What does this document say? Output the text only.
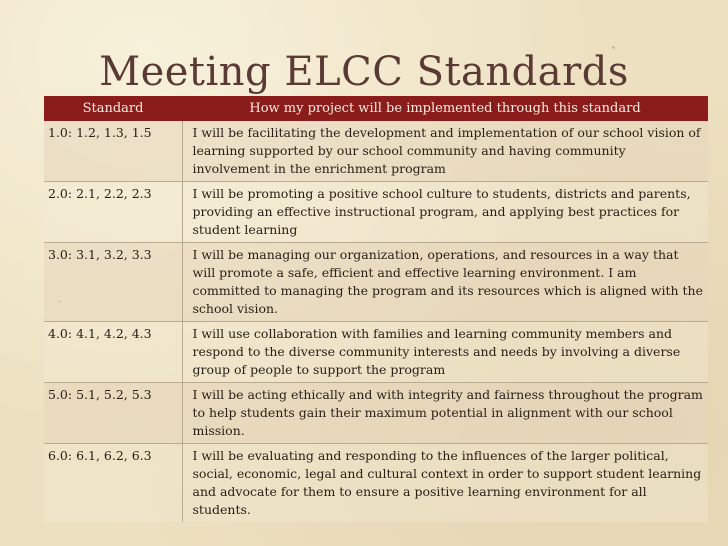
Meeting ELCC Standards
Standard	How my project will be implemented through this standard
1.0: 1.2, 1.3, 1.5	I will be facilitating the development and implementation of our school vision of learning supported by our school community and having community involvement in the enrichment program
2.0: 2.1, 2.2, 2.3	I will be promoting a positive school culture to students, districts and parents, providing an effective instructional program, and applying best practices for student learning
3.0: 3.1, 3.2, 3.3	I will be managing our organization, operations, and resources in a way that will promote a safe, efficient and effective learning environment. I am committed to managing the program and its resources which is aligned with the school vision.
4.0: 4.1, 4.2, 4.3	I will use collaboration with families and learning community members and respond to the diverse community interests and needs by involving a diverse group of people to support the program
5.0: 5.1, 5.2, 5.3	I will be acting ethically and with integrity and fairness throughout the program to help students gain their maximum potential in alignment with our school mission.
6.0: 6.1, 6.2, 6.3	I will be evaluating and responding to the influences of the larger political, social, economic, legal and cultural context in order to support student learning and advocate for them to ensure a positive learning environment for all students.
